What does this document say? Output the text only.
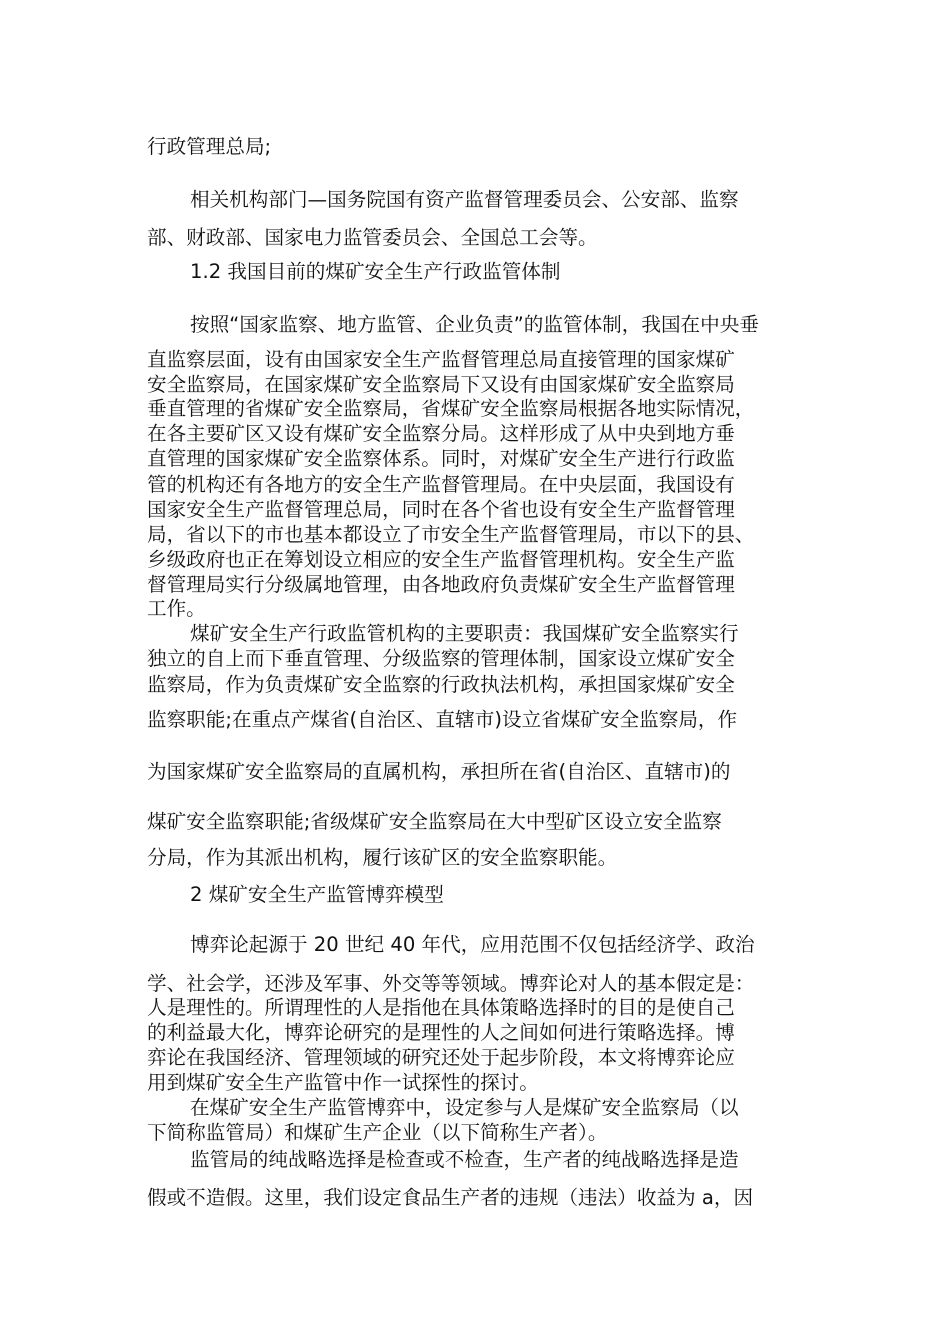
行政管理总局;
相关机构部门—国务院国有资产监督管理委员会、公安部、监察
部、财政部、国家电力监管委员会、全国总工会等。
1.2 我国目前的煤矿安全生产行政监管体制
按照“国家监察、地方监管、企业负责”的监管体制，我国在中央垂
直监察层面，设有由国家安全生产监督管理总局直接管理的国家煤矿
安全监察局，在国家煤矿安全监察局下又设有由国家煤矿安全监察局
垂直管理的省煤矿安全监察局，省煤矿安全监察局根据各地实际情况，
在各主要矿区又设有煤矿安全监察分局。这样形成了从中央到地方垂
直管理的国家煤矿安全监察体系。同时，对煤矿安全生产进行行政监
管的机构还有各地方的安全生产监督管理局。在中央层面，我国设有
国家安全生产监督管理总局，同时在各个省也设有安全生产监督管理
局，省以下的市也基本都设立了市安全生产监督管理局，市以下的县、
乡级政府也正在筹划设立相应的安全生产监督管理机构。安全生产监
督管理局实行分级属地管理，由各地政府负责煤矿安全生产监督管理
工作。
煤矿安全生产行政监管机构的主要职责：我国煤矿安全监察实行
独立的自上而下垂直管理、分级监察的管理体制，国家设立煤矿安全
监察局，作为负责煤矿安全监察的行政执法机构，承担国家煤矿安全
监察职能;在重点产煤省(自治区、直辖市)设立省煤矿安全监察局，作
为国家煤矿安全监察局的直属机构，承担所在省(自治区、直辖市)的
煤矿安全监察职能;省级煤矿安全监察局在大中型矿区设立安全监察
分局，作为其派出机构，履行该矿区的安全监察职能。
2 煤矿安全生产监管博弈模型
博弈论起源于 20 世纪 40 年代，应用范围不仅包括经济学、政治
学、社会学，还涉及军事、外交等等领域。博弈论对人的基本假定是：
人是理性的。所谓理性的人是指他在具体策略选择时的目的是使自己
的利益最大化，博弈论研究的是理性的人之间如何进行策略选择。博
弈论在我国经济、管理领域的研究还处于起步阶段，本文将博弈论应
用到煤矿安全生产监管中作一试探性的探讨。
在煤矿安全生产监管博弈中，设定参与人是煤矿安全监察局（以
下简称监管局）和煤矿生产企业（以下简称生产者）。
监管局的纯战略选择是检查或不检查，生产者的纯战略选择是造
假或不造假。这里，我们设定食品生产者的违规（违法）收益为 a，因
